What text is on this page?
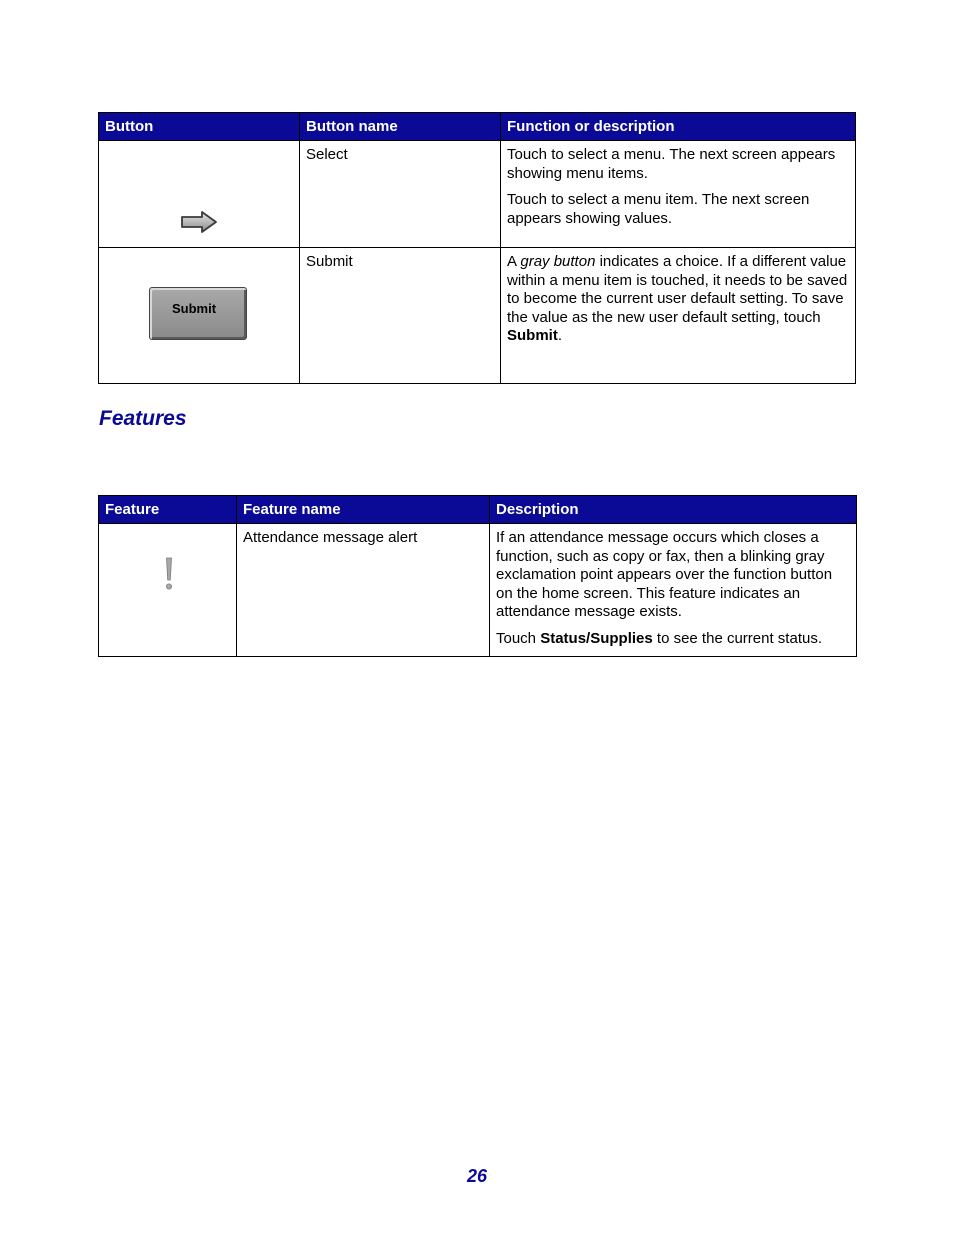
Button	Button name	Function or description

	Select	Touch to select a menu. The next screen appears showing menu items.

Touch to select a menu item. The next screen appears showing values.

Submit	Submit	A gray button indicates a choice. If a different value within a menu item is touched, it needs to be saved to become the current user default setting. To save the value as the new user default setting, touch Submit.
Features
Feature	Feature name	Description

	Attendance message alert	If an attendance message occurs which closes a function, such as copy or fax, then a blinking gray exclamation point appears over the function button on the home screen. This feature indicates an attendance message exists.

Touch Status/Supplies to see the current status.

26
